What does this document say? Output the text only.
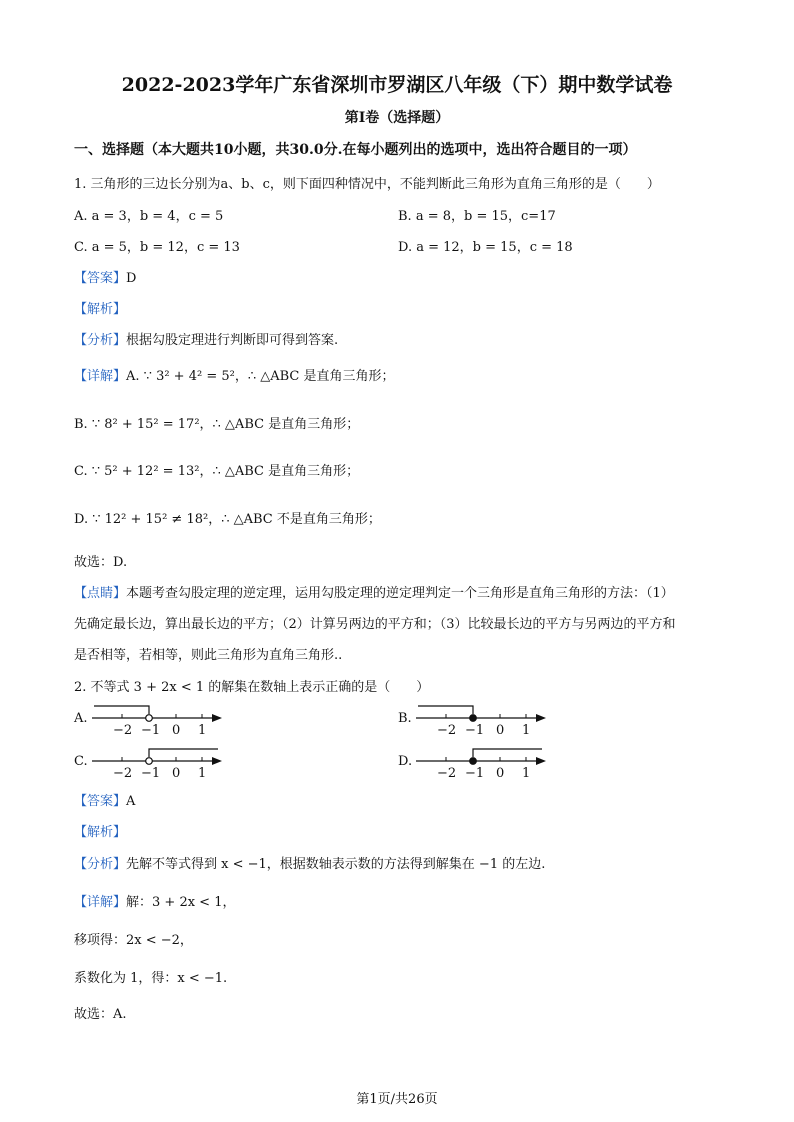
2022-2023学年广东省深圳市罗湖区八年级（下）期中数学试卷
第I卷（选择题）
一、选择题（本大题共10小题，共30.0分.在每小题列出的选项中，选出符合题目的一项）
1. 三角形的三边长分别为a、b、c，则下面四种情况中，不能判断此三角形为直角三角形的是（　　）
A. a = 3，b = 4，c = 5	B. a = 8，b = 15，c=17
C. a = 5，b = 12，c = 13	D. a = 12，b = 15，c = 18
【答案】D
【解析】
【分析】根据勾股定理进行判断即可得到答案.
【详解】A. ∵ 3² + 4² = 5²，∴ △ABC 是直角三角形；
B. ∵ 8² + 15² = 17²，∴ △ABC 是直角三角形；
C. ∵ 5² + 12² = 13²，∴ △ABC 是直角三角形；
D. ∵ 12² + 15² ≠ 18²，∴ △ABC 不是直角三角形；
故选：D.
【点睛】本题考查勾股定理的逆定理，运用勾股定理的逆定理判定一个三角形是直角三角形的方法：（1）
先确定最长边，算出最长边的平方；（2）计算另两边的平方和；（3）比较最长边的平方与另两边的平方和
是否相等，若相等，则此三角形为直角三角形..
2. 不等式 3 + 2x < 1 的解集在数轴上表示正确的是（　　）
A.
−2 −1 0 1
B.
−2 −1 0 1
C.
−2 −1 0 1
D.
−2 −1 0 1
【答案】A
【解析】
【分析】先解不等式得到 x < −1，根据数轴表示数的方法得到解集在 −1 的左边.
【详解】解：3 + 2x < 1，
移项得：2x < −2，
系数化为 1，得：x < −1.
故选：A.
第1页/共26页
